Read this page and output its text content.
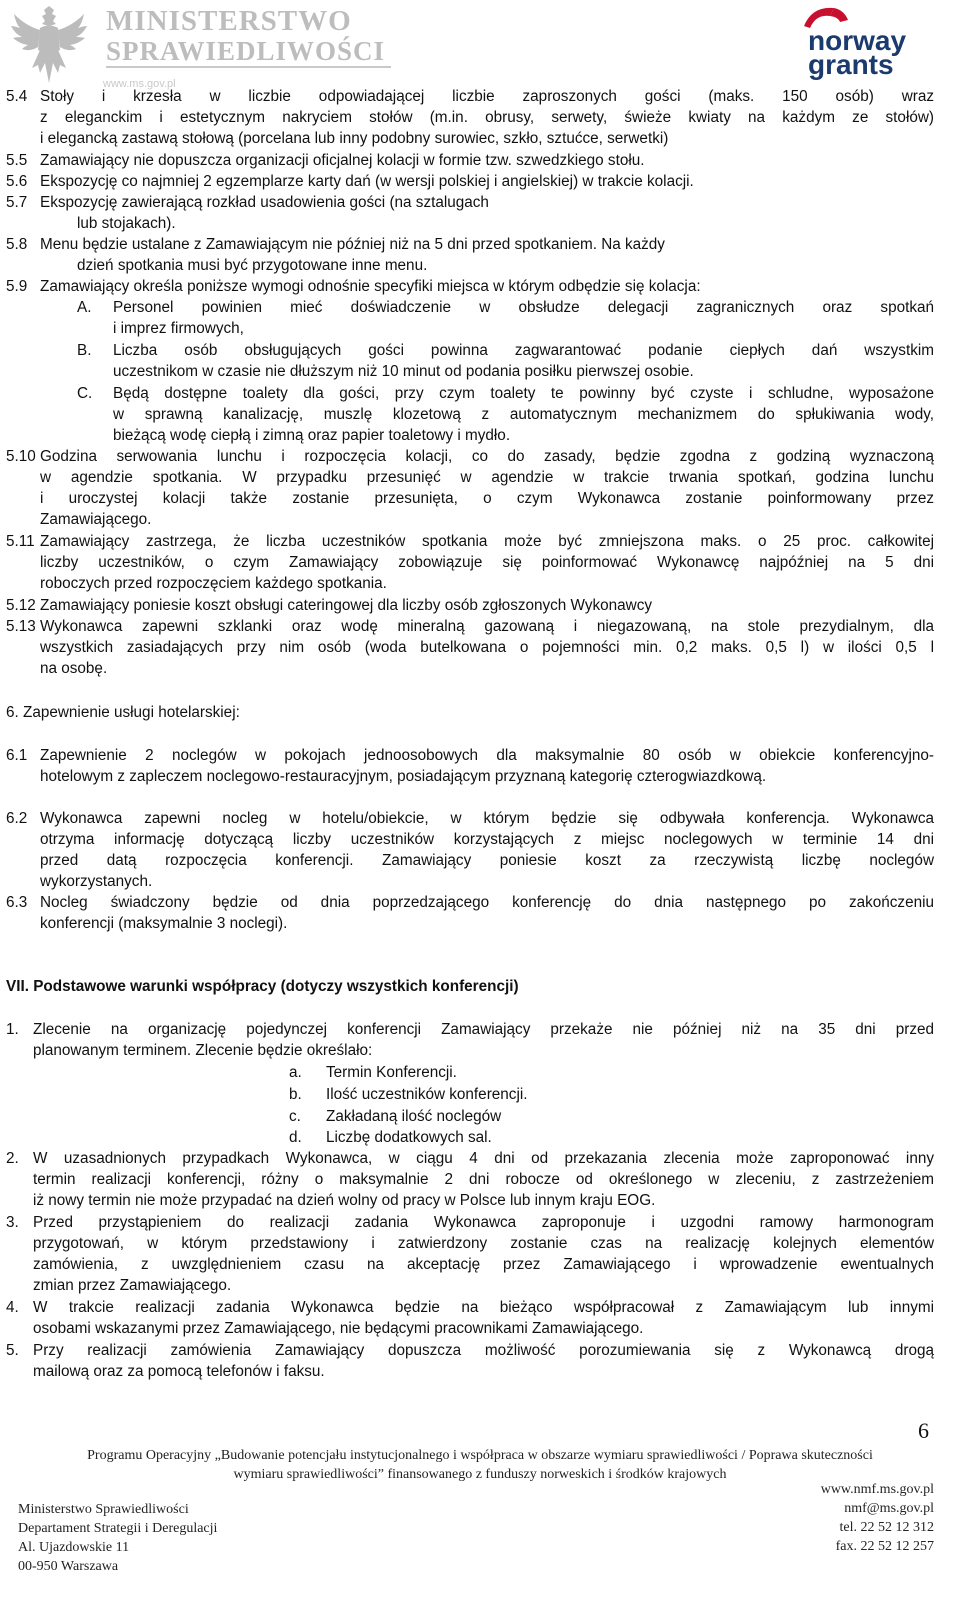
MINISTERSTWO
SPRAWIEDLIWOŚCI
www.ms.gov.pl
norway
grants
5.4 Stoły i krzesła w liczbie odpowiadającej liczbie zaproszonych gości (maks. 150 osób) wraz
z eleganckim i estetycznym nakryciem stołów (m.in. obrusy, serwety, świeże kwiaty na każdym ze stołów)
i elegancką zastawą stołową (porcelana lub inny podobny surowiec, szkło, sztućce, serwetki)
5.5 Zamawiający nie dopuszcza organizacji oficjalnej kolacji w formie tzw. szwedzkiego stołu.
5.6 Ekspozycję co najmniej 2 egzemplarze karty dań (w wersji polskiej i angielskiej) w trakcie kolacji.
5.7 Ekspozycję zawierającą rozkład usadowienia gości (na sztalugach
lub stojakach).
5.8 Menu będzie ustalane z Zamawiającym nie później niż na 5 dni przed spotkaniem. Na każdy
dzień spotkania musi być przygotowane inne menu.
5.9 Zamawiający określa poniższe wymogi odnośnie specyfiki miejsca w którym odbędzie się kolacja:
A. Personel powinien mieć doświadczenie w obsłudze delegacji zagranicznych oraz spotkań
i imprez firmowych,
B. Liczba osób obsługujących gości powinna zagwarantować podanie ciepłych dań wszystkim
uczestnikom w czasie nie dłuższym niż 10 minut od podania posiłku pierwszej osobie.
C. Będą dostępne toalety dla gości, przy czym toalety te powinny być czyste i schludne, wyposażone
w sprawną kanalizację, muszlę klozetową z automatycznym mechanizmem do spłukiwania wody,
bieżącą wodę ciepłą i zimną oraz papier toaletowy i mydło.
5.10 Godzina serwowania lunchu i rozpoczęcia kolacji, co do zasady, będzie zgodna z godziną wyznaczoną
w agendzie spotkania. W przypadku przesunięć w agendzie w trakcie trwania spotkań, godzina lunchu
i uroczystej kolacji także zostanie przesunięta, o czym Wykonawca zostanie poinformowany przez
Zamawiającego.
5.11 Zamawiający zastrzega, że liczba uczestników spotkania może być zmniejszona maks. o 25 proc. całkowitej
liczby uczestników, o czym Zamawiający zobowiązuje się poinformować Wykonawcę najpóźniej na 5 dni
roboczych przed rozpoczęciem każdego spotkania.
5.12 Zamawiający poniesie koszt obsługi cateringowej dla liczby osób zgłoszonych Wykonawcy
5.13 Wykonawca zapewni szklanki oraz wodę mineralną gazowaną i niegazowaną, na stole prezydialnym, dla
wszystkich zasiadających przy nim osób (woda butelkowana o pojemności min. 0,2 maks. 0,5 l) w ilości 0,5 l
na osobę.
6. Zapewnienie usługi hotelarskiej:
6.1 Zapewnienie 2 noclegów w pokojach jednoosobowych dla maksymalnie 80 osób w obiekcie konferencyjno-
hotelowym z zapleczem noclegowo-restauracyjnym, posiadającym przyznaną kategorię czterogwiazdkową.
6.2 Wykonawca zapewni nocleg w hotelu/obiekcie, w którym będzie się odbywała konferencja. Wykonawca
otrzyma informację dotyczącą liczby uczestników korzystających z miejsc noclegowych w terminie 14 dni
przed datą rozpoczęcia konferencji. Zamawiający poniesie koszt za rzeczywistą liczbę noclegów
wykorzystanych.
6.3 Nocleg świadczony będzie od dnia poprzedzającego konferencję do dnia następnego po zakończeniu
konferencji (maksymalnie 3 noclegi).
VII. Podstawowe warunki współpracy (dotyczy wszystkich konferencji)
1. Zlecenie na organizację pojedynczej konferencji Zamawiający przekaże nie później niż na 35 dni przed
planowanym terminem. Zlecenie będzie określało:
a. Termin Konferencji.
b. Ilość uczestników konferencji.
c. Zakładaną ilość noclegów
d. Liczbę dodatkowych sal.
2. W uzasadnionych przypadkach Wykonawca, w ciągu 4 dni od przekazania zlecenia może zaproponować inny
termin realizacji konferencji, różny o maksymalnie 2 dni robocze od określonego w zleceniu, z zastrzeżeniem
iż nowy termin nie może przypadać na dzień wolny od pracy w Polsce lub innym kraju EOG.
3. Przed przystąpieniem do realizacji zadania Wykonawca zaproponuje i uzgodni ramowy harmonogram
przygotowań, w którym przedstawiony i zatwierdzony zostanie czas na realizację kolejnych elementów
zamówienia, z uwzględnieniem czasu na akceptację przez Zamawiającego i wprowadzenie ewentualnych
zmian przez Zamawiającego.
4. W trakcie realizacji zadania Wykonawca będzie na bieżąco współpracował z Zamawiającym lub innymi
osobami wskazanymi przez Zamawiającego, nie będącymi pracownikami Zamawiającego.
5. Przy realizacji zamówienia Zamawiający dopuszcza możliwość porozumiewania się z Wykonawcą drogą
mailową oraz za pomocą telefonów i faksu.
6
Programu Operacyjny „Budowanie potencjału instytucjonalnego i współpraca w obszarze wymiaru sprawiedliwości / Poprawa skuteczności
wymiaru sprawiedliwości” finansowanego z funduszy norweskich i środków krajowych
Ministerstwo Sprawiedliwości
Departament Strategii i Deregulacji
Al. Ujazdowskie 11
00-950 Warszawa
www.nmf.ms.gov.pl
nmf@ms.gov.pl
tel. 22 52 12 312
fax. 22 52 12 257
